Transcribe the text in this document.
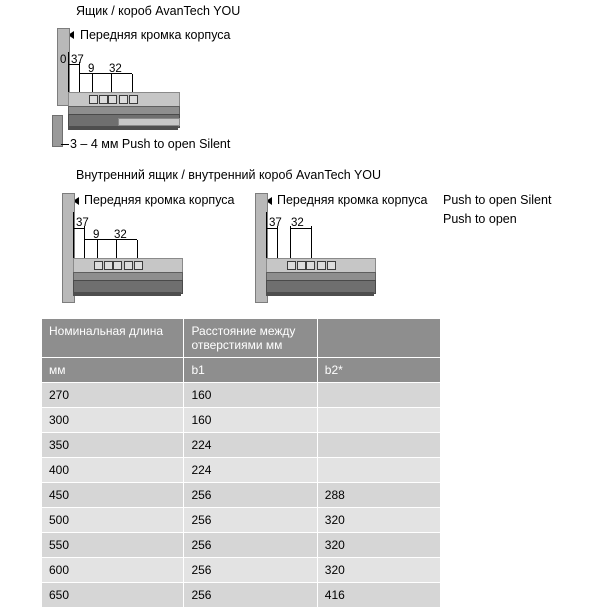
Ящик / короб AvanTech YOU
Передняя кромка корпуса
0 37
9 32
3 – 4 мм Push to open Silent
Внутренний ящик / внутренний короб AvanTech YOU
Передняя кромка корпуса
37
9 32
Передняя кромка корпуса
37 32
Push to open Silent
Push to open
Номинальная длина	Расстояние между отверстиями мм	
мм	b1	b2*
270	160	
300	160	
350	224	
400	224	
450	256	288
500	256	320
550	256	320
600	256	320
650	256	416
